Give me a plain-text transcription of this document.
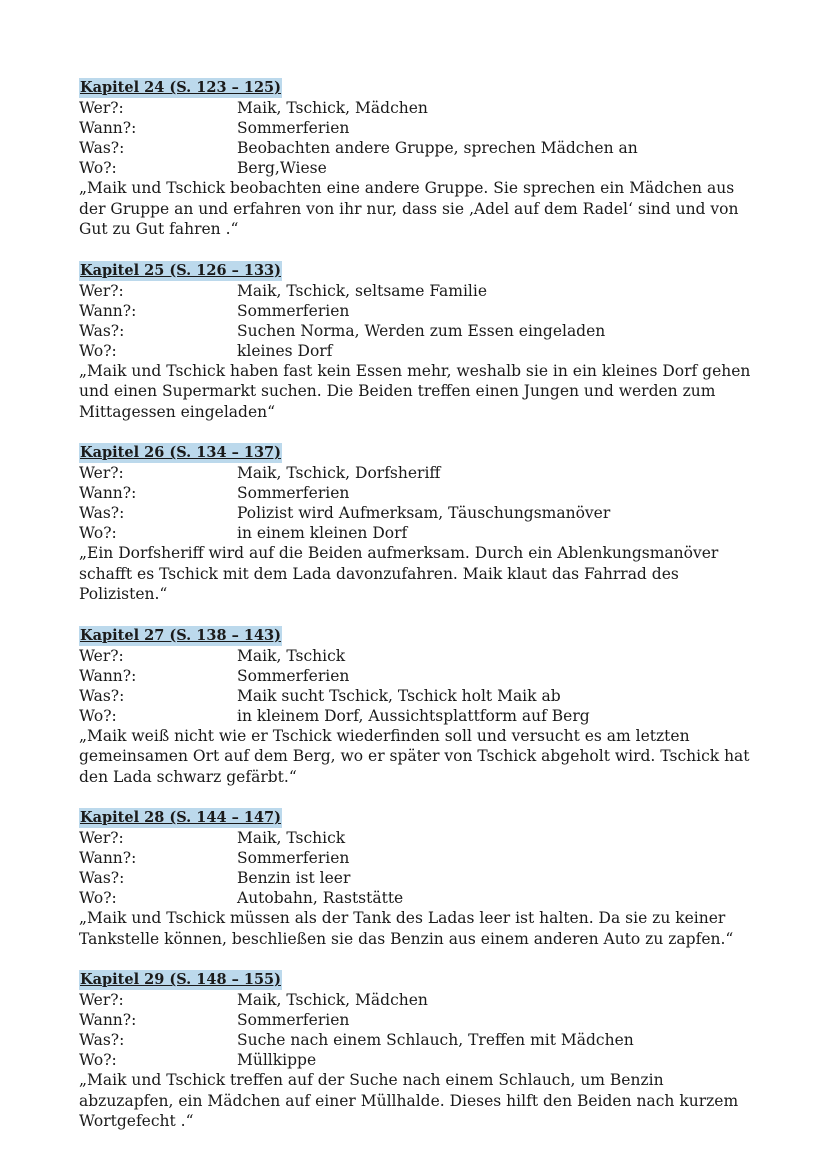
Kapitel 24 (S. 123 – 125)
Wer?:	Maik, Tschick, Mädchen
Wann?:	Sommerferien
Was?:	Beobachten andere Gruppe, sprechen Mädchen an
Wo?:	Berg,Wiese

„Maik und Tschick beobachten eine andere Gruppe. Sie sprechen ein Mädchen aus der Gruppe an und erfahren von ihr nur, dass sie ‚Adel auf dem Radel‘ sind und von Gut zu Gut fahren .“

Kapitel 25 (S. 126 – 133)
Wer?:	Maik, Tschick, seltsame Familie
Wann?:	Sommerferien
Was?:	Suchen Norma, Werden zum Essen eingeladen
Wo?:	kleines Dorf

„Maik und Tschick haben fast kein Essen mehr, weshalb sie in ein kleines Dorf gehen und einen Supermarkt suchen. Die Beiden treffen einen Jungen und werden zum Mittagessen eingeladen“

Kapitel 26 (S. 134 – 137)
Wer?:	Maik, Tschick, Dorfsheriff
Wann?:	Sommerferien
Was?:	Polizist wird Aufmerksam, Täuschungsmanöver
Wo?:	in einem kleinen Dorf

„Ein Dorfsheriff wird auf die Beiden aufmerksam. Durch ein Ablenkungsmanöver schafft es Tschick mit dem Lada davonzufahren. Maik klaut das Fahrrad des Polizisten.“

Kapitel 27 (S. 138 – 143)
Wer?:	Maik, Tschick
Wann?:	Sommerferien
Was?:	Maik sucht Tschick, Tschick holt Maik ab
Wo?:	in kleinem Dorf, Aussichtsplattform auf Berg

„Maik weiß nicht wie er Tschick wiederfinden soll und versucht es am letzten gemeinsamen Ort auf dem Berg, wo er später von Tschick abgeholt wird. Tschick hat den Lada schwarz gefärbt.“

Kapitel 28 (S. 144 – 147)
Wer?:	Maik, Tschick
Wann?:	Sommerferien
Was?:	Benzin ist leer
Wo?:	Autobahn, Raststätte

„Maik und Tschick müssen als der Tank des Ladas leer ist halten. Da sie zu keiner Tankstelle können, beschließen sie das Benzin aus einem anderen Auto zu zapfen.“

Kapitel 29 (S. 148 – 155)
Wer?:	Maik, Tschick, Mädchen
Wann?:	Sommerferien
Was?:	Suche nach einem Schlauch, Treffen mit Mädchen
Wo?:	Müllkippe

„Maik und Tschick treffen auf der Suche nach einem Schlauch, um Benzin abzuzapfen, ein Mädchen auf einer Müllhalde. Dieses hilft den Beiden nach kurzem Wortgefecht .“
